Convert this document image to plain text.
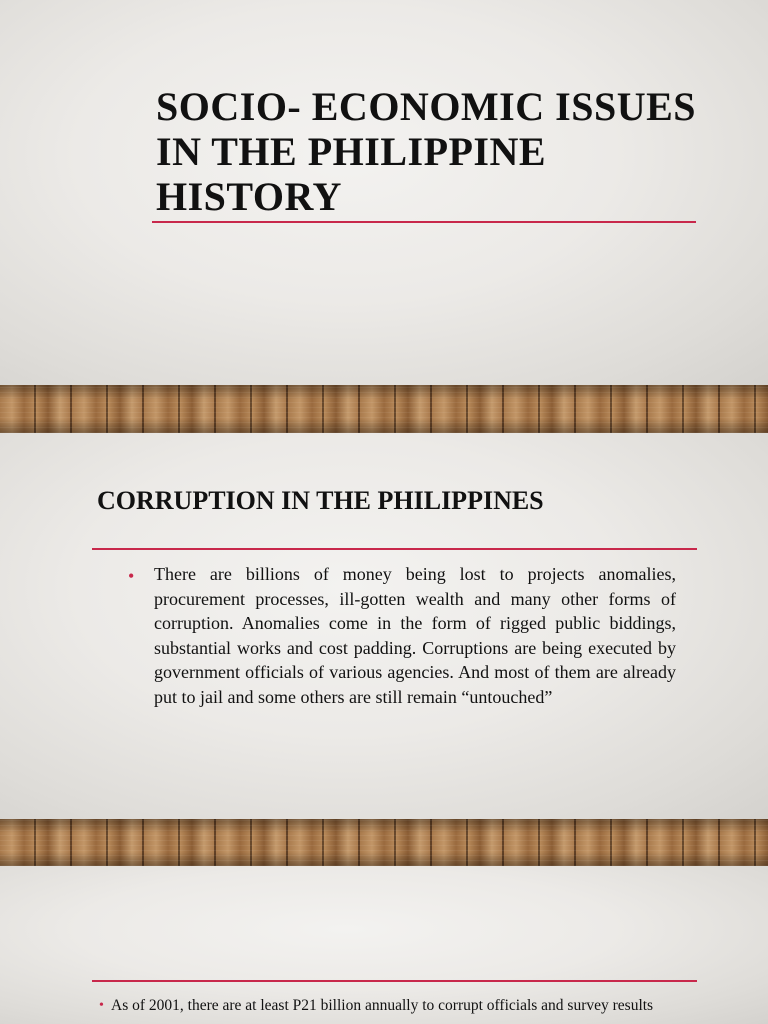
SOCIO- ECONOMIC ISSUES IN THE PHILIPPINE HISTORY
CORRUPTION IN THE PHILIPPINES
• There are billions of money being lost to projects anomalies, procurement processes, ill-gotten wealth and many other forms of corruption. Anomalies come in the form of rigged public biddings, substantial works and cost padding. Corruptions are being executed by government officials of various agencies. And most of them are already put to jail and some others are still remain “untouched”
• As of 2001, there are at least P21 billion annually to corrupt officials and survey results
